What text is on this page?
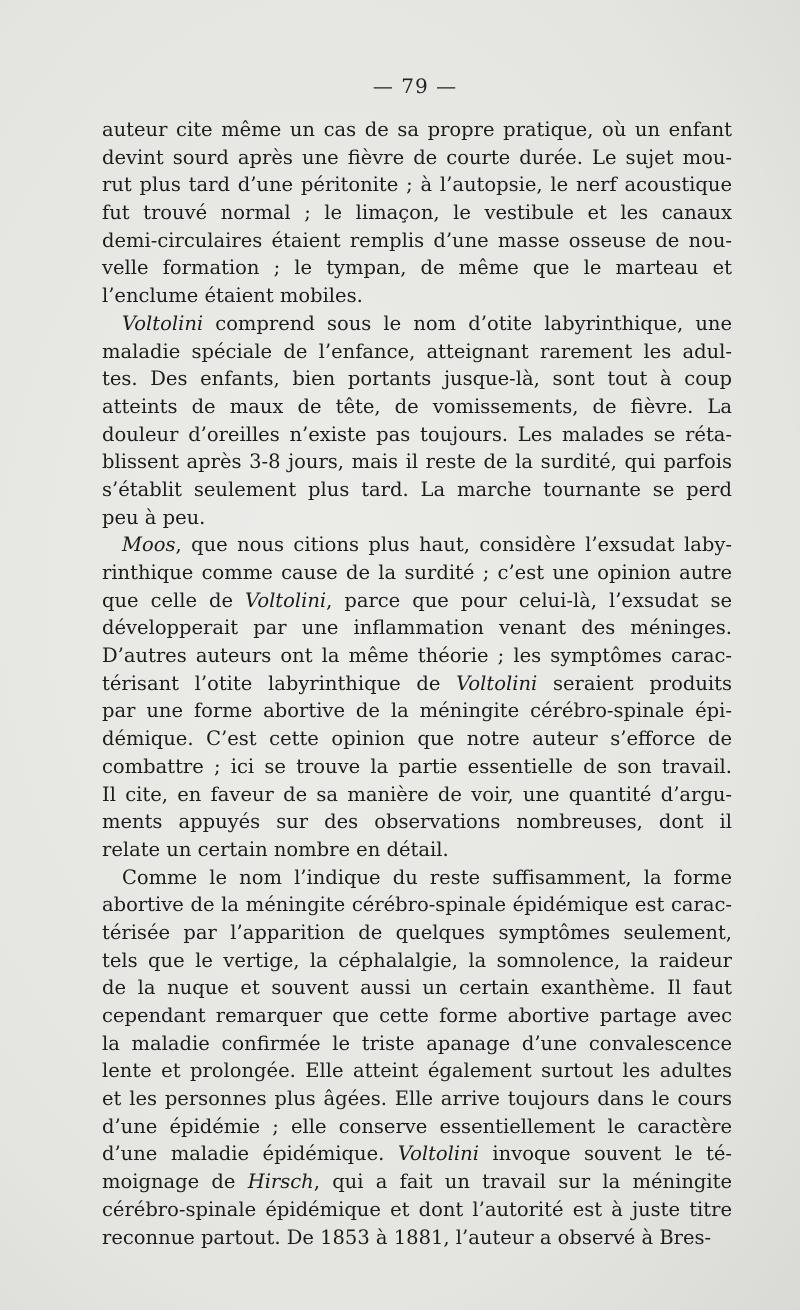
— 79 —
auteur cite même un cas de sa propre pratique, où un enfant
devint sourd après une fièvre de courte durée. Le sujet mou-
rut plus tard d’une péritonite ; à l’autopsie, le nerf acoustique
fut trouvé normal ; le limaçon, le vestibule et les canaux
demi-circulaires étaient remplis d’une masse osseuse de nou-
velle formation ; le tympan, de même que le marteau et
l’enclume étaient mobiles.
Voltolini comprend sous le nom d’otite labyrinthique, une
maladie spéciale de l’enfance, atteignant rarement les adul-
tes. Des enfants, bien portants jusque-là, sont tout à coup
atteints de maux de tête, de vomissements, de fièvre. La
douleur d’oreilles n’existe pas toujours. Les malades se réta-
blissent après 3-8 jours, mais il reste de la surdité, qui parfois
s’établit seulement plus tard. La marche tournante se perd
peu à peu.
Moos, que nous citions plus haut, considère l’exsudat laby-
rinthique comme cause de la surdité ; c’est une opinion autre
que celle de Voltolini, parce que pour celui-là, l’exsudat se
développerait par une inflammation venant des méninges.
D’autres auteurs ont la même théorie ; les symptômes carac-
térisant l’otite labyrinthique de Voltolini seraient produits
par une forme abortive de la méningite cérébro-spinale épi-
démique. C’est cette opinion que notre auteur s’efforce de
combattre ; ici se trouve la partie essentielle de son travail.
Il cite, en faveur de sa manière de voir, une quantité d’argu-
ments appuyés sur des observations nombreuses, dont il
relate un certain nombre en détail.
Comme le nom l’indique du reste suffisamment, la forme
abortive de la méningite cérébro-spinale épidémique est carac-
térisée par l’apparition de quelques symptômes seulement,
tels que le vertige, la céphalalgie, la somnolence, la raideur
de la nuque et souvent aussi un certain exanthème. Il faut
cependant remarquer que cette forme abortive partage avec
la maladie confirmée le triste apanage d’une convalescence
lente et prolongée. Elle atteint également surtout les adultes
et les personnes plus âgées. Elle arrive toujours dans le cours
d’une épidémie ; elle conserve essentiellement le caractère
d’une maladie épidémique. Voltolini invoque souvent le té-
moignage de Hirsch, qui a fait un travail sur la méningite
cérébro-spinale épidémique et dont l’autorité est à juste titre
reconnue partout. De 1853 à 1881, l’auteur a observé à Bres-
